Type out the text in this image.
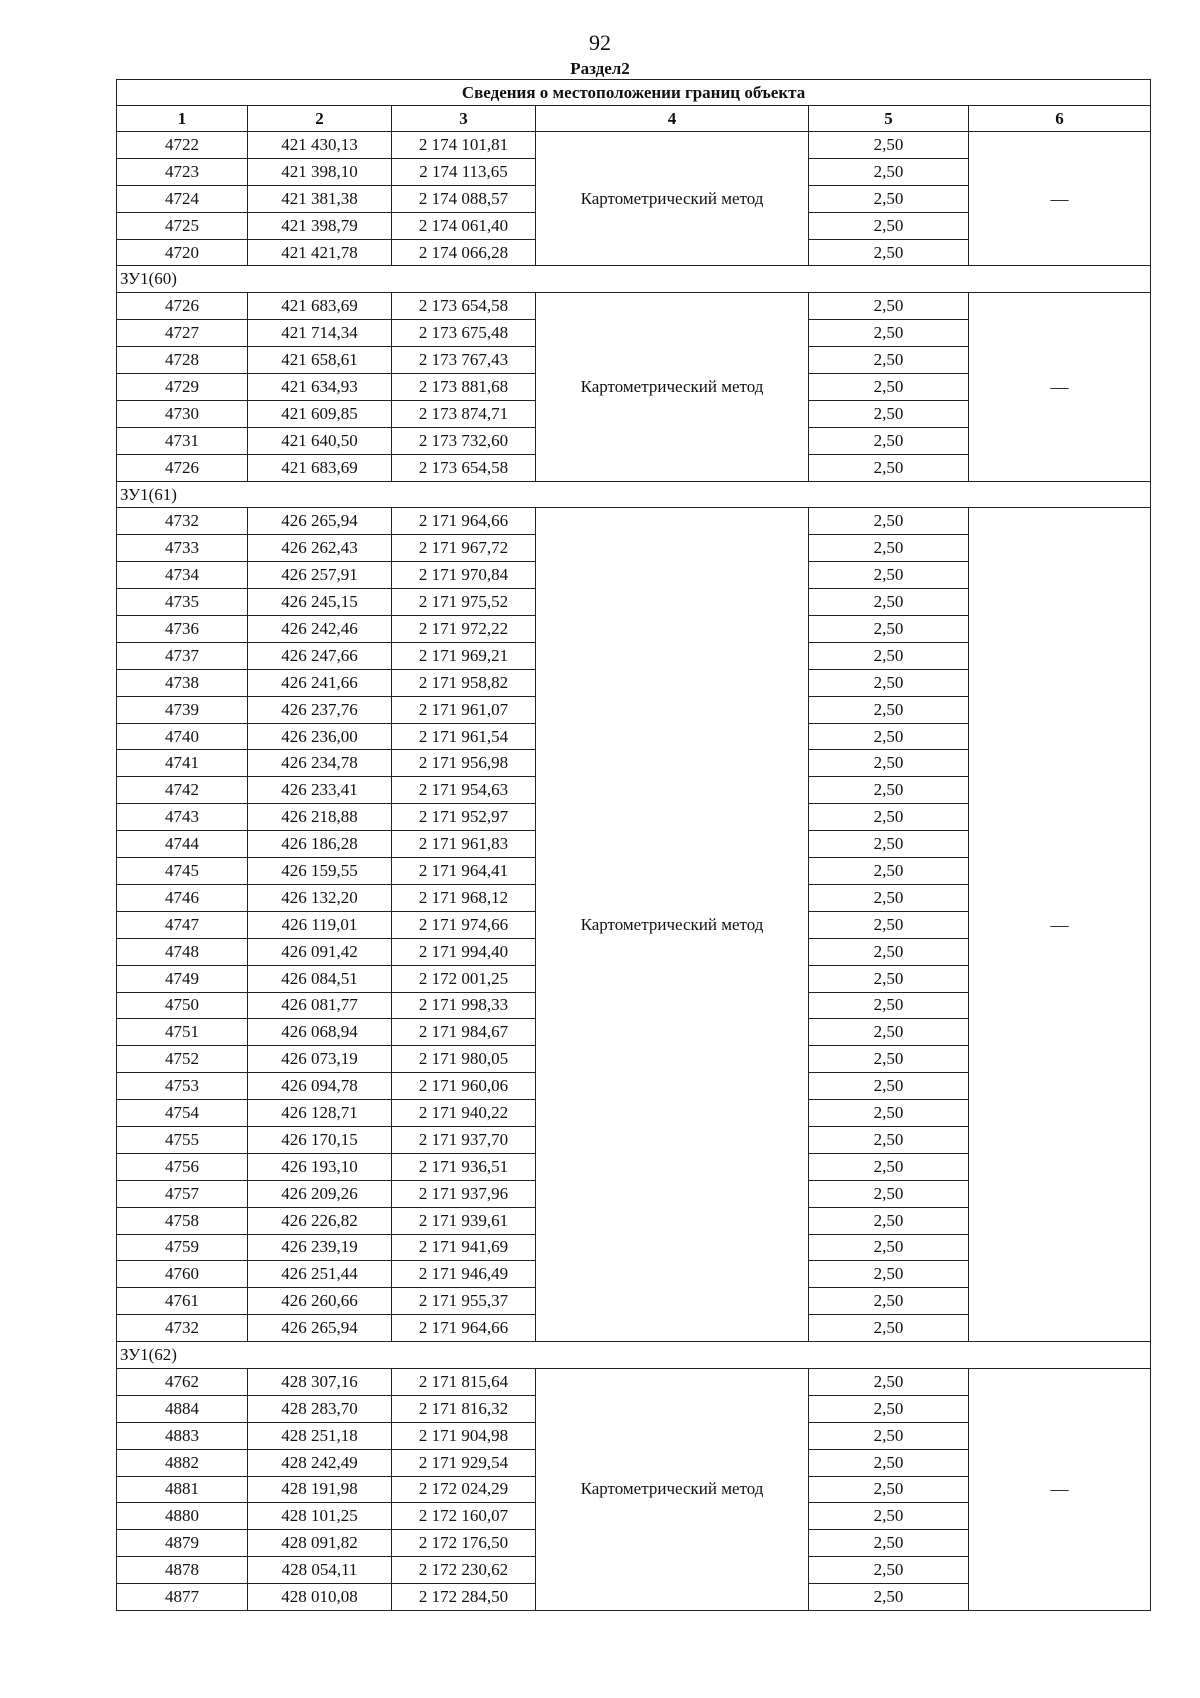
92
Раздел2
Сведения о местоположении границ объекта					
1	2	3	4	5	6
4722	421 430,13	2 174 101,81	Картометрический метод	2,50	—
4723	421 398,10	2 174 113,65		2,50	
4724	421 381,38	2 174 088,57		2,50	
4725	421 398,79	2 174 061,40		2,50	
4720	421 421,78	2 174 066,28		2,50	
ЗУ1(60)					
4726	421 683,69	2 173 654,58	Картометрический метод	2,50	—
4727	421 714,34	2 173 675,48		2,50	
4728	421 658,61	2 173 767,43		2,50	
4729	421 634,93	2 173 881,68		2,50	
4730	421 609,85	2 173 874,71		2,50	
4731	421 640,50	2 173 732,60		2,50	
4726	421 683,69	2 173 654,58		2,50	
ЗУ1(61)					
4732	426 265,94	2 171 964,66	Картометрический метод	2,50	—
4733	426 262,43	2 171 967,72		2,50	
4734	426 257,91	2 171 970,84		2,50	
4735	426 245,15	2 171 975,52		2,50	
4736	426 242,46	2 171 972,22		2,50	
4737	426 247,66	2 171 969,21		2,50	
4738	426 241,66	2 171 958,82		2,50	
4739	426 237,76	2 171 961,07		2,50	
4740	426 236,00	2 171 961,54		2,50	
4741	426 234,78	2 171 956,98		2,50	
4742	426 233,41	2 171 954,63		2,50	
4743	426 218,88	2 171 952,97		2,50	
4744	426 186,28	2 171 961,83		2,50	
4745	426 159,55	2 171 964,41		2,50	
4746	426 132,20	2 171 968,12		2,50	
4747	426 119,01	2 171 974,66		2,50	
4748	426 091,42	2 171 994,40		2,50	
4749	426 084,51	2 172 001,25		2,50	
4750	426 081,77	2 171 998,33		2,50	
4751	426 068,94	2 171 984,67		2,50	
4752	426 073,19	2 171 980,05		2,50	
4753	426 094,78	2 171 960,06		2,50	
4754	426 128,71	2 171 940,22		2,50	
4755	426 170,15	2 171 937,70		2,50	
4756	426 193,10	2 171 936,51		2,50	
4757	426 209,26	2 171 937,96		2,50	
4758	426 226,82	2 171 939,61		2,50	
4759	426 239,19	2 171 941,69		2,50	
4760	426 251,44	2 171 946,49		2,50	
4761	426 260,66	2 171 955,37		2,50	
4732	426 265,94	2 171 964,66		2,50	
ЗУ1(62)					
4762	428 307,16	2 171 815,64	Картометрический метод	2,50	—
4884	428 283,70	2 171 816,32		2,50	
4883	428 251,18	2 171 904,98		2,50	
4882	428 242,49	2 171 929,54		2,50	
4881	428 191,98	2 172 024,29		2,50	
4880	428 101,25	2 172 160,07		2,50	
4879	428 091,82	2 172 176,50		2,50	
4878	428 054,11	2 172 230,62		2,50	
4877	428 010,08	2 172 284,50		2,50	
